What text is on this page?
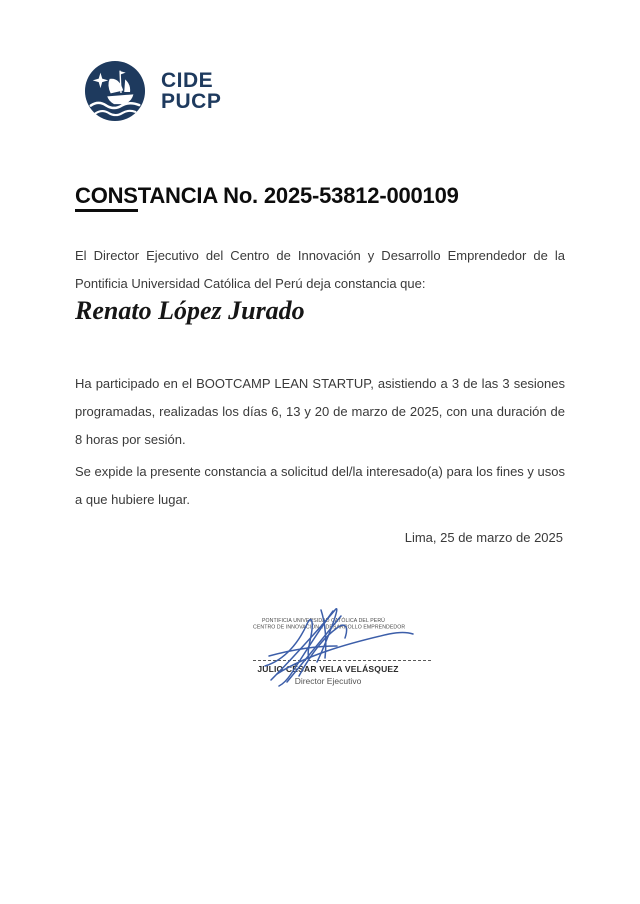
CIDE
PUCP
CONSTANCIA No. 2025-53812-000109

El Director Ejecutivo del Centro de Innovación y Desarrollo Emprendedor de la Pontificia Universidad Católica del Perú deja constancia que:

Renato López Jurado

Ha participado en el BOOTCAMP LEAN STARTUP, asistiendo a 3 de las 3 sesiones programadas, realizadas los días 6, 13 y 20 de marzo de 2025, con una duración de 8 horas por sesión.

Se expide la presente constancia a solicitud del/la interesado(a) para los fines y usos a que hubiere lugar.

Lima, 25 de marzo de 2025
PONTIFICIA UNIVERSIDAD CATÓLICA DEL PERÚ
CENTRO DE INNOVACIÓN Y DESARROLLO EMPRENDEDOR
JULIO CÉSAR VELA VELÁSQUEZ
Director Ejecutivo
